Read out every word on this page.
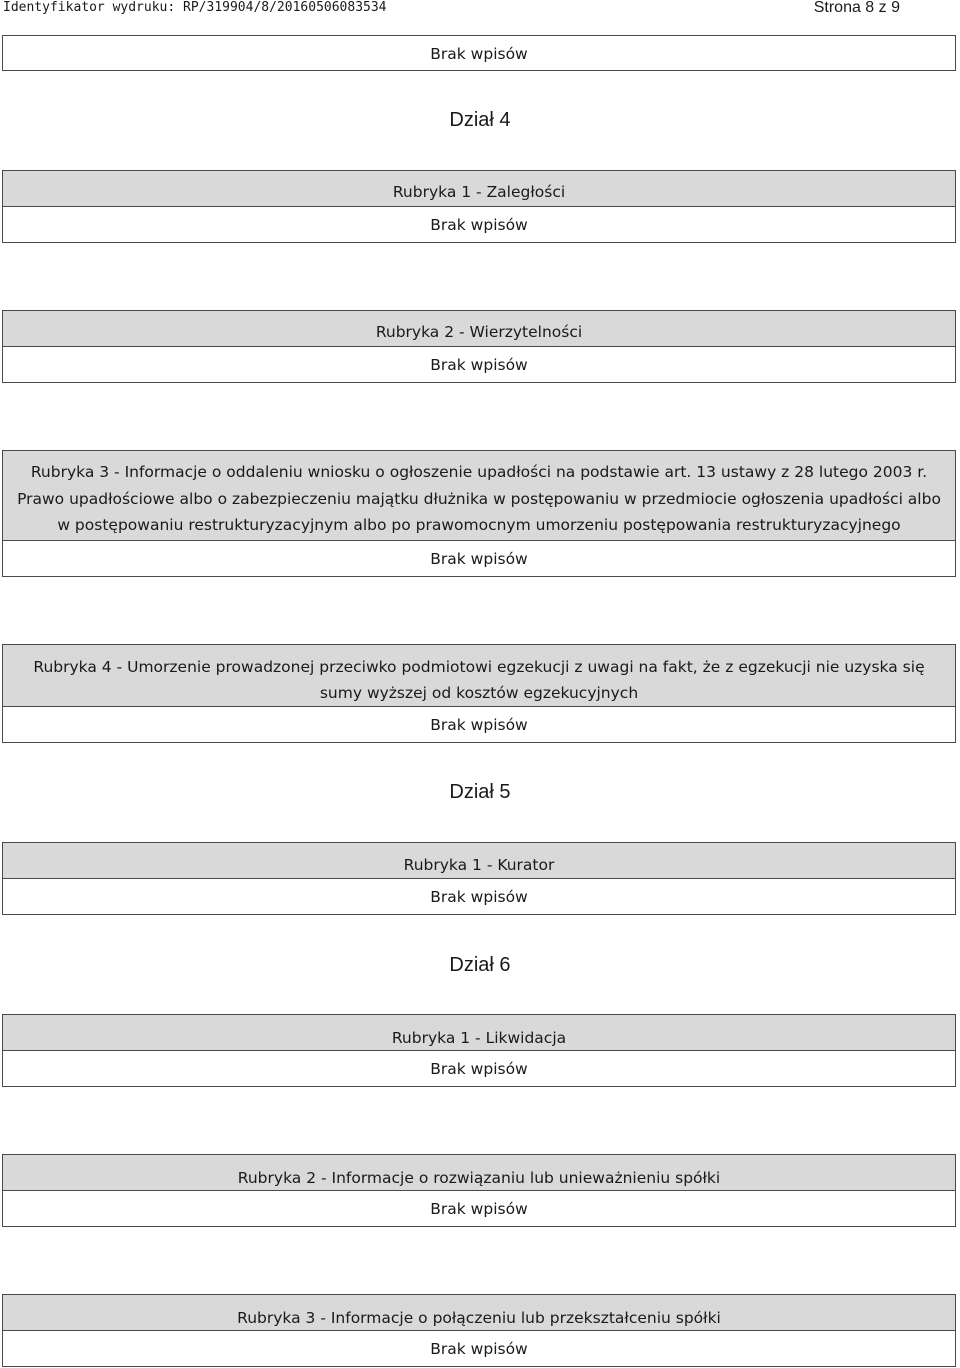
Identyfikator wydruku: RP/319904/8/20160506083534	Strona 8 z 9
Brak wpisów
Dział 4
Rubryka 1 - Zaległości
Brak wpisów
Rubryka 2 - Wierzytelności
Brak wpisów
Rubryka 3 - Informacje o oddaleniu wniosku o ogłoszenie upadłości na podstawie art. 13 ustawy z 28 lutego 2003 r. Prawo upadłościowe albo o zabezpieczeniu majątku dłużnika w postępowaniu w przedmiocie ogłoszenia upadłości albo w postępowaniu restrukturyzacyjnym albo po prawomocnym umorzeniu postępowania restrukturyzacyjnego
Brak wpisów
Rubryka 4 - Umorzenie prowadzonej przeciwko podmiotowi egzekucji z uwagi na fakt, że z egzekucji nie uzyska się sumy wyższej od kosztów egzekucyjnych
Brak wpisów
Dział 5
Rubryka 1 - Kurator
Brak wpisów
Dział 6
Rubryka 1 - Likwidacja
Brak wpisów
Rubryka 2 - Informacje o rozwiązaniu lub unieważnieniu spółki
Brak wpisów
Rubryka 3 - Informacje o połączeniu lub przekształceniu spółki
Brak wpisów
